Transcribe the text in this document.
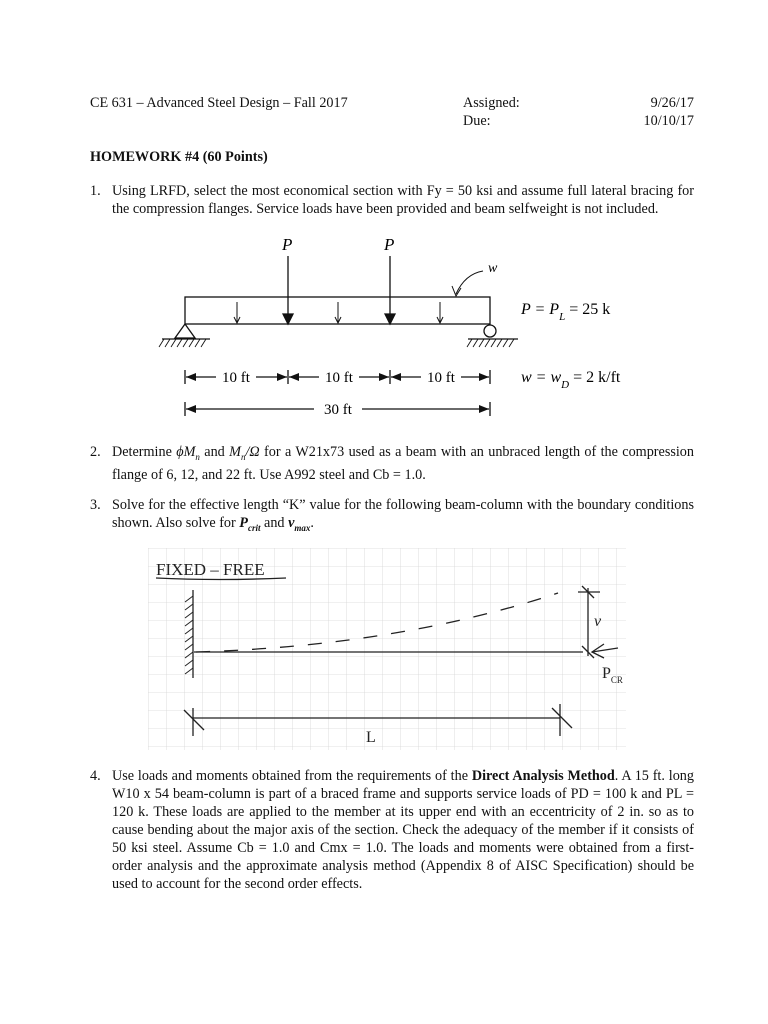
CE 631 – Advanced Steel Design – Fall 2017	Assigned:	9/26/17
Due:	10/10/17
HOMEWORK #4 (60 Points)
1. Using LRFD, select the most economical section with Fy = 50 ksi and assume full lateral bracing for the compression flanges. Service loads have been provided and beam selfweight is not included.
P	P
w
$P = P_L = 25$ k
$w = w_D = 2$ k/ft
10 ft	10 ft	10 ft
30 ft
2. Determine $\phi M_n$ and $M_n/\Omega$ for a W21x73 used as a beam with an unbraced length of the compression flange of 6, 12, and 22 ft. Use A992 steel and Cb = 1.0.
3. Solve for the effective length “K” value for the following beam-column with the boundary conditions shown. Also solve for $P_{crit}$ and $v_{max}$.
FIXED – FREE
v
$P_{CR}$
L
4. Use loads and moments obtained from the requirements of the Direct Analysis Method. A 15 ft. long W10 x 54 beam-column is part of a braced frame and supports service loads of PD = 100 k and PL = 120 k. These loads are applied to the member at its upper end with an eccentricity of 2 in. so as to cause bending about the major axis of the section. Check the adequacy of the member if it consists of 50 ksi steel. Assume Cb = 1.0 and Cmx = 1.0. The loads and moments were obtained from a first-order analysis and the approximate analysis method (Appendix 8 of AISC Specification) should be used to account for the second order effects.
